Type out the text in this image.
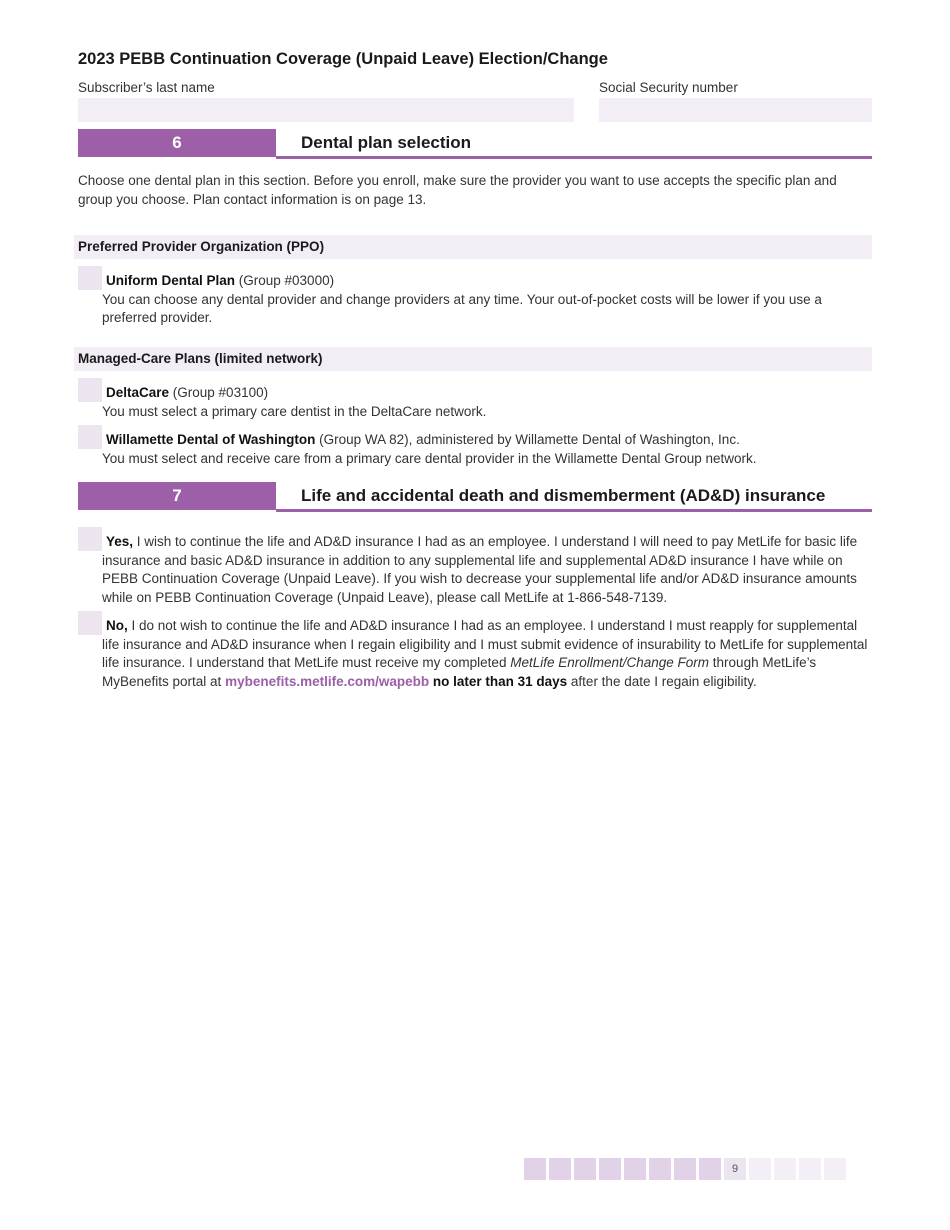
2023 PEBB Continuation Coverage (Unpaid Leave) Election/Change
Subscriber’s last name	Social Security number
6	Dental plan selection
Choose one dental plan in this section. Before you enroll, make sure the provider you want to use accepts the specific plan and group you choose. Plan contact information is on page 13.
Preferred Provider Organization (PPO)
Uniform Dental Plan (Group #03000)
You can choose any dental provider and change providers at any time. Your out-of-pocket costs will be lower if you use a preferred provider.
Managed-Care Plans (limited network)
DeltaCare (Group #03100)
You must select a primary care dentist in the DeltaCare network.
Willamette Dental of Washington (Group WA 82), administered by Willamette Dental of Washington, Inc.
You must select and receive care from a primary care dental provider in the Willamette Dental Group network.
7	Life and accidental death and dismemberment (AD&D) insurance
Yes, I wish to continue the life and AD&D insurance I had as an employee. I understand I will need to pay MetLife for basic life insurance and basic AD&D insurance in addition to any supplemental life and supplemental AD&D insurance I have while on PEBB Continuation Coverage (Unpaid Leave). If you wish to decrease your supplemental life and/or AD&D insurance amounts while on PEBB Continuation Coverage (Unpaid Leave), please call MetLife at 1-866-548-7139.
No, I do not wish to continue the life and AD&D insurance I had as an employee. I understand I must reapply for supplemental life insurance and AD&D insurance when I regain eligibility and I must submit evidence of insurability to MetLife for supplemental life insurance. I understand that MetLife must receive my completed MetLife Enrollment/Change Form through MetLife’s MyBenefits portal at mybenefits.metlife.com/wapebb no later than 31 days after the date I regain eligibility.
9
